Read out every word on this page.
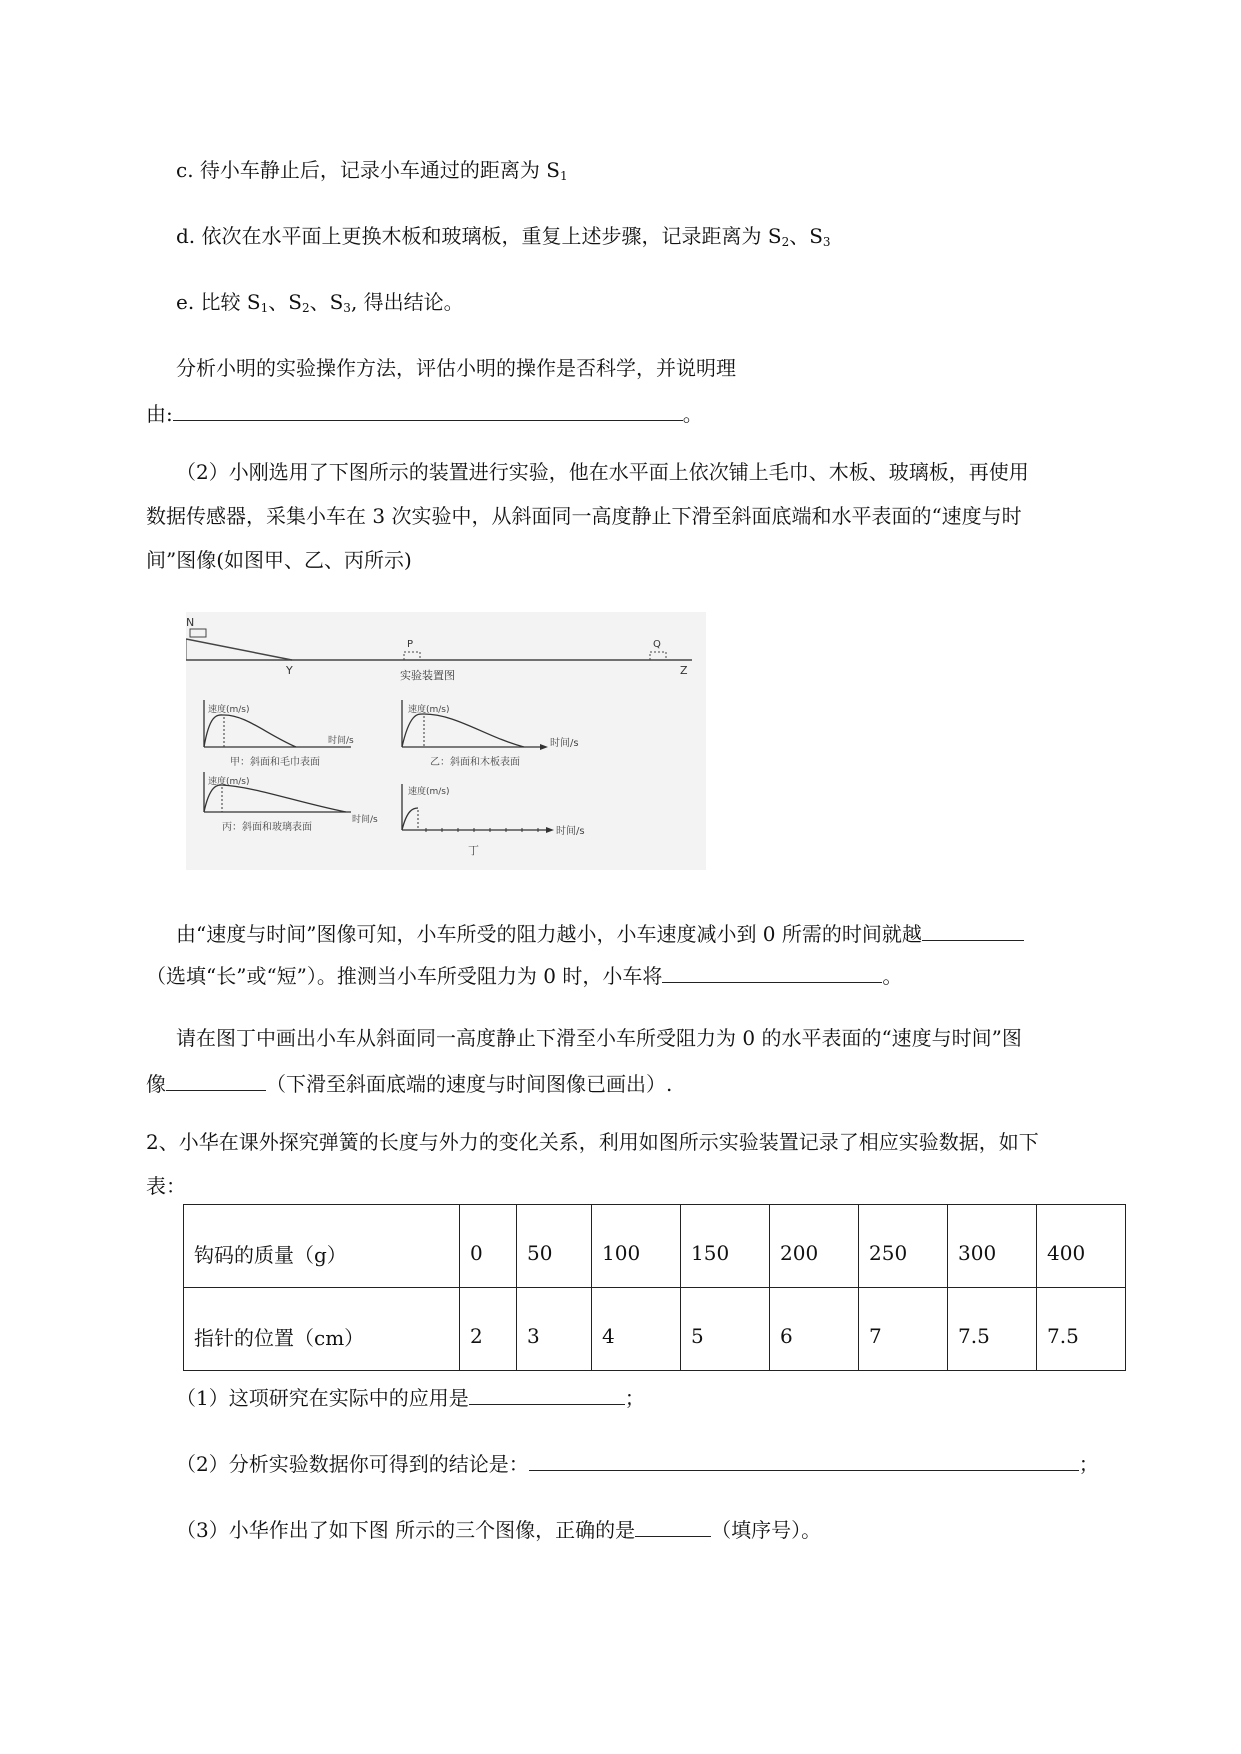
c. 待小车静止后，记录小车通过的距离为 $S_1$
d. 依次在水平面上更换木板和玻璃板，重复上述步骤，记录距离为 $S_2$、$S_3$
e. 比较 $S_1$、$S_2$、$S_3$, 得出结论。
分析小明的实验操作方法，评估小明的操作是否科学，并说明理
由:	。
（2）小刚选用了下图所示的装置进行实验，他在水平面上依次铺上毛巾、木板、玻璃板，再使用
数据传感器，采集小车在 3 次实验中，从斜面同一高度静止下滑至斜面底端和水平表面的“速度与时
间”图像(如图甲、乙、丙所示)
N
P	Q
Y	Z
实验装置图
速度(m/s)
时间/s
甲：斜面和毛巾表面
速度(m/s)
时间/s
乙：斜面和木板表面
速度(m/s)
时间/s
丙：斜面和玻璃表面
速度(m/s)
时间/s
丁
由“速度与时间”图像可知，小车所受的阻力越小，小车速度减小到 0 所需的时间就越
（选填“长”或“短”）。推测当小车所受阻力为 0 时，小车将	。
请在图丁中画出小车从斜面同一高度静止下滑至小车所受阻力为 0 的水平表面的“速度与时间”图
像	（下滑至斜面底端的速度与时间图像已画出）.
2、小华在课外探究弹簧的长度与外力的变化关系，利用如图所示实验装置记录了相应实验数据，如下
表：
钩码的质量（g）	0	50	100	150	200	250	300	400
指针的位置（cm）	2	3	4	5	6	7	7.5	7.5
（1）这项研究在实际中的应用是	；
（2）分析实验数据你可得到的结论是：	；
（3）小华作出了如下图 所示的三个图像，正确的是	（填序号）。
